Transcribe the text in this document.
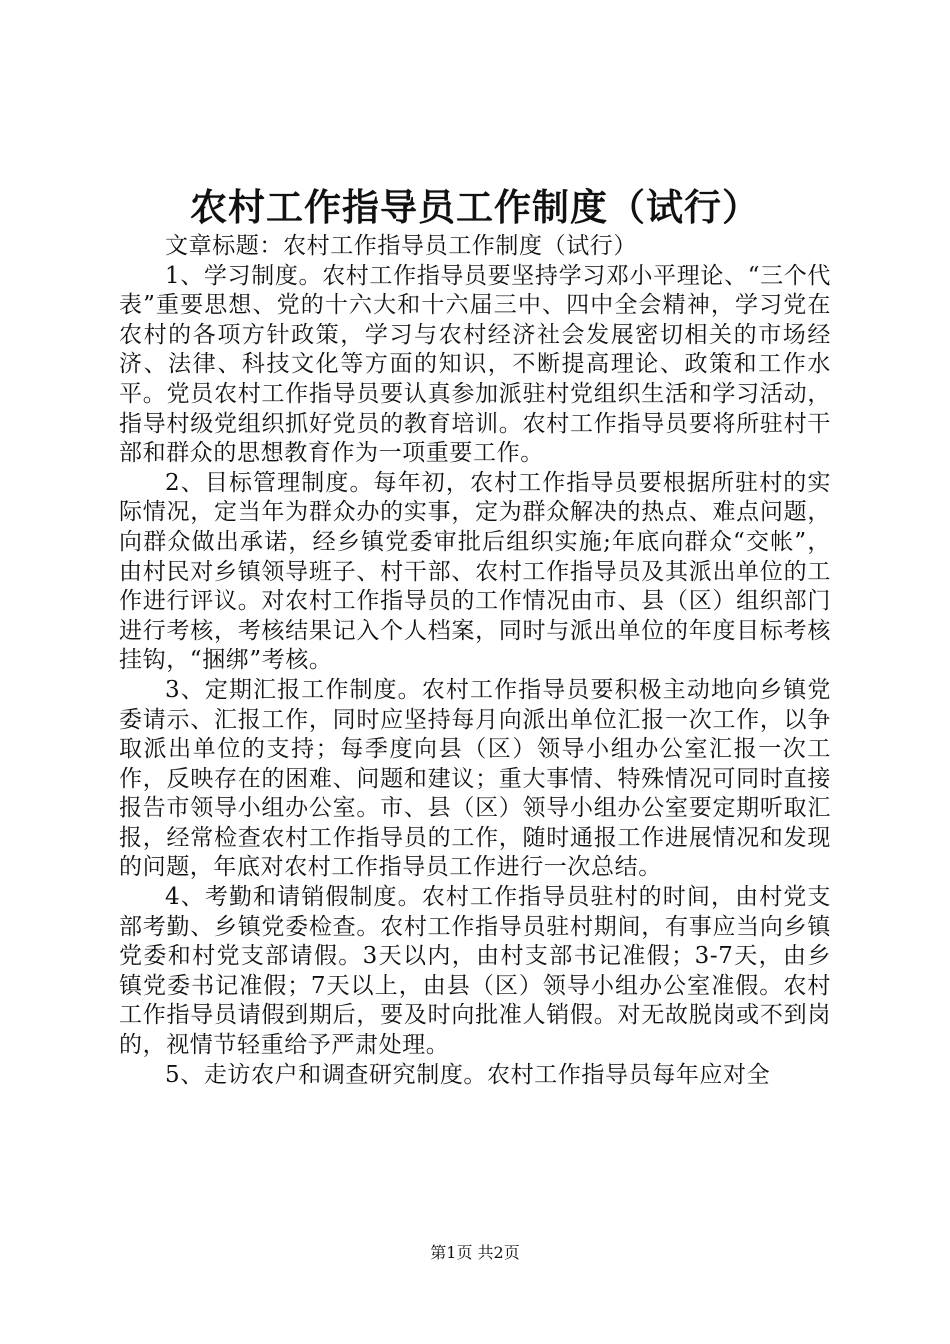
农村工作指导员工作制度（试行）

文章标题：农村工作指导员工作制度（试行）

1、学习制度。农村工作指导员要坚持学习邓小平理论、“三个代表”重要思想、党的十六大和十六届三中、四中全会精神，学习党在农村的各项方针政策，学习与农村经济社会发展密切相关的市场经济、法律、科技文化等方面的知识，不断提高理论、政策和工作水平。党员农村工作指导员要认真参加派驻村党组织生活和学习活动，指导村级党组织抓好党员的教育培训。农村工作指导员要将所驻村干部和群众的思想教育作为一项重要工作。

2、目标管理制度。每年初，农村工作指导员要根据所驻村的实际情况，定当年为群众办的实事，定为群众解决的热点、难点问题，向群众做出承诺，经乡镇党委审批后组织实施;年底向群众“交帐”，由村民对乡镇领导班子、村干部、农村工作指导员及其派出单位的工作进行评议。对农村工作指导员的工作情况由市、县（区）组织部门进行考核，考核结果记入个人档案，同时与派出单位的年度目标考核挂钩，“捆绑”考核。

3、定期汇报工作制度。农村工作指导员要积极主动地向乡镇党委请示、汇报工作，同时应坚持每月向派出单位汇报一次工作，以争取派出单位的支持；每季度向县（区）领导小组办公室汇报一次工作，反映存在的困难、问题和建议；重大事情、特殊情况可同时直接报告市领导小组办公室。市、县（区）领导小组办公室要定期听取汇报，经常检查农村工作指导员的工作，随时通报工作进展情况和发现的问题，年底对农村工作指导员工作进行一次总结。

4、考勤和请销假制度。农村工作指导员驻村的时间，由村党支部考勤、乡镇党委检查。农村工作指导员驻村期间，有事应当向乡镇党委和村党支部请假。3天以内，由村支部书记准假；3-7天，由乡镇党委书记准假；7天以上，由县（区）领导小组办公室准假。农村工作指导员请假到期后，要及时向批准人销假。对无故脱岗或不到岗的，视情节轻重给予严肃处理。

5、走访农户和调查研究制度。农村工作指导员每年应对全

第1页 共2页
